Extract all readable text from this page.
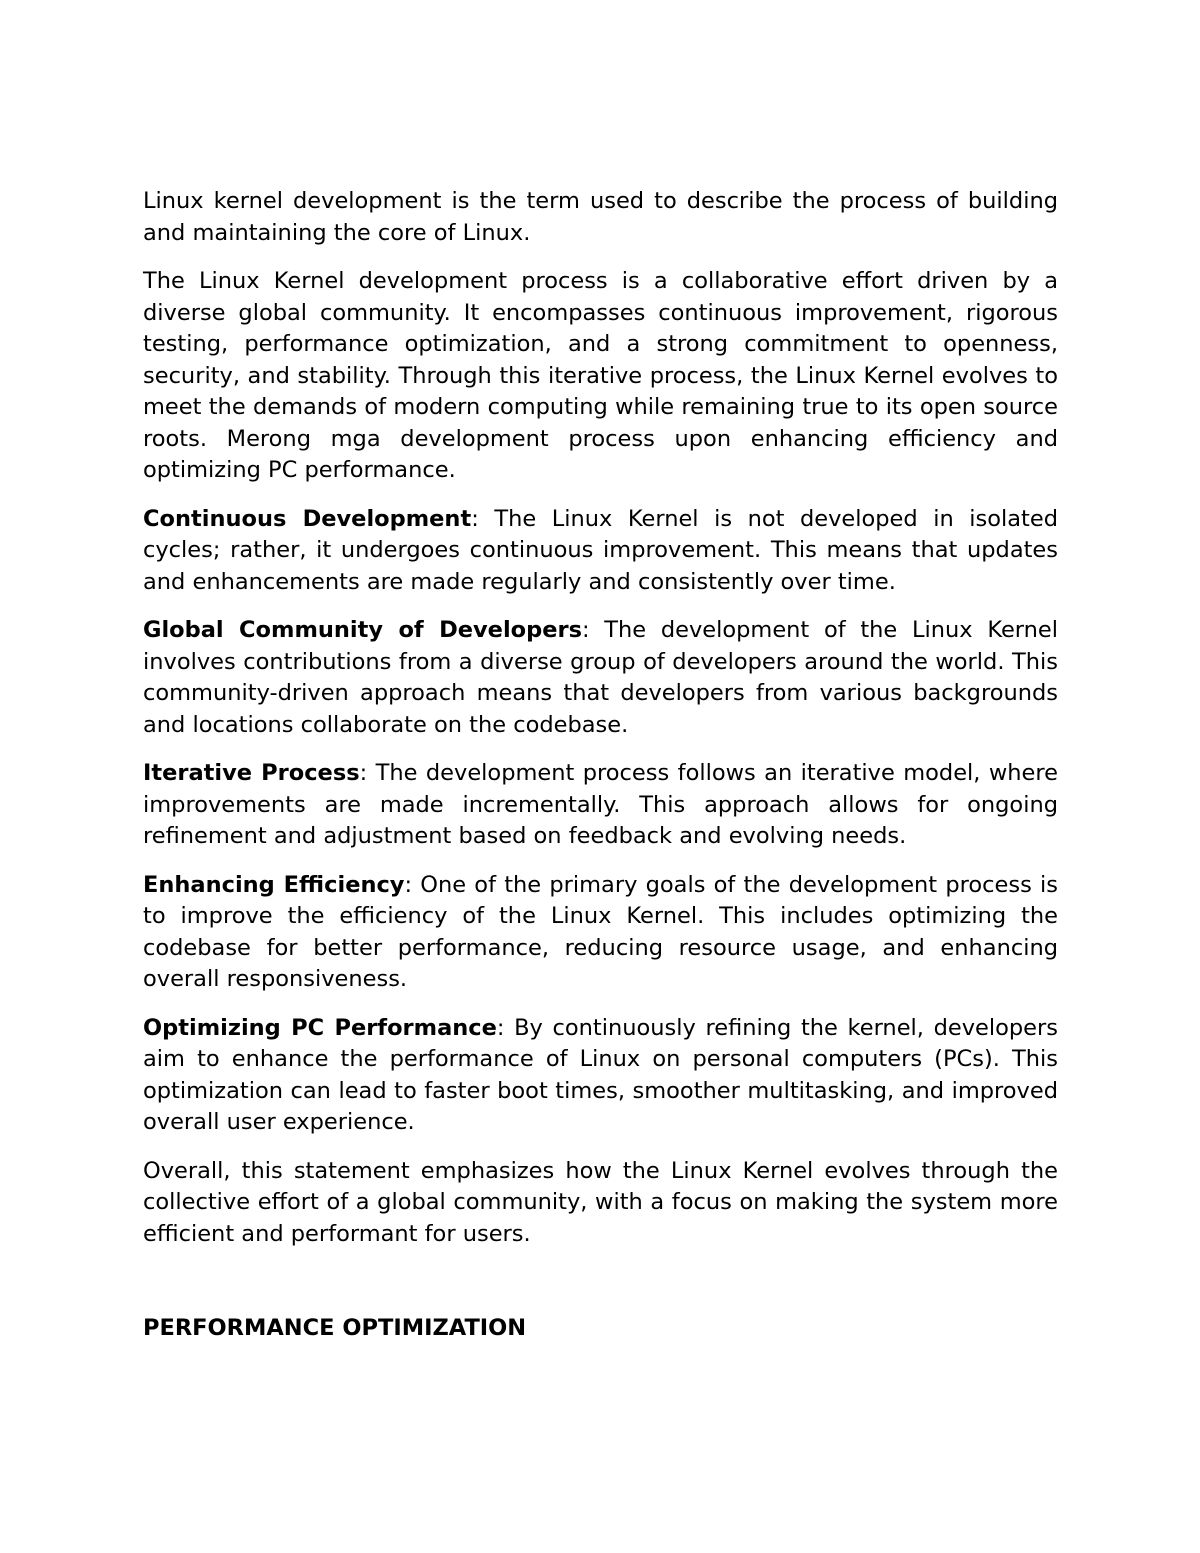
Linux kernel development is the term used to describe the process of building and maintaining the core of Linux.

The Linux Kernel development process is a collaborative effort driven by a diverse global community. It encompasses continuous improvement, rigorous testing, performance optimization, and a strong commitment to openness, security, and stability. Through this iterative process, the Linux Kernel evolves to meet the demands of modern computing while remaining true to its open source roots. Merong mga development process upon enhancing efficiency and optimizing PC performance.

Continuous Development: The Linux Kernel is not developed in isolated cycles; rather, it undergoes continuous improvement. This means that updates and enhancements are made regularly and consistently over time.

Global Community of Developers: The development of the Linux Kernel involves contributions from a diverse group of developers around the world. This community-driven approach means that developers from various backgrounds and locations collaborate on the codebase.

Iterative Process: The development process follows an iterative model, where improvements are made incrementally. This approach allows for ongoing refinement and adjustment based on feedback and evolving needs.

Enhancing Efficiency: One of the primary goals of the development process is to improve the efficiency of the Linux Kernel. This includes optimizing the codebase for better performance, reducing resource usage, and enhancing overall responsiveness.

Optimizing PC Performance: By continuously refining the kernel, developers aim to enhance the performance of Linux on personal computers (PCs). This optimization can lead to faster boot times, smoother multitasking, and improved overall user experience.

Overall, this statement emphasizes how the Linux Kernel evolves through the collective effort of a global community, with a focus on making the system more efficient and performant for users.

PERFORMANCE OPTIMIZATION
